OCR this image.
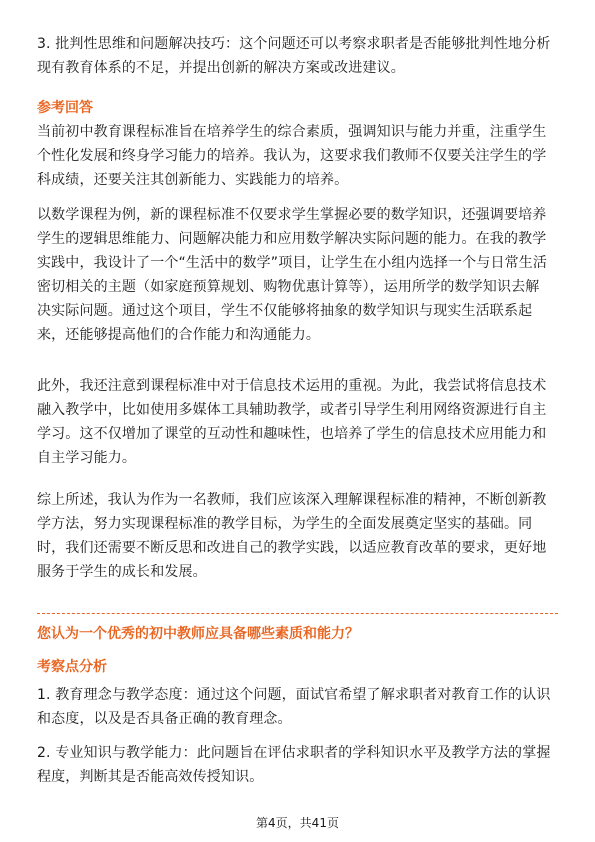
3. 批判性思维和问题解决技巧：这个问题还可以考察求职者是否能够批判性地分析

现有教育体系的不足，并提出创新的解决方案或改进建议。

参考回答

当前初中教育课程标准旨在培养学生的综合素质，强调知识与能力并重，注重学生

个性化发展和终身学习能力的培养。我认为，这要求我们教师不仅要关注学生的学

科成绩，还要关注其创新能力、实践能力的培养。

以数学课程为例，新的课程标准不仅要求学生掌握必要的数学知识，还强调要培养

学生的逻辑思维能力、问题解决能力和应用数学解决实际问题的能力。在我的教学

实践中，我设计了一个“生活中的数学”项目，让学生在小组内选择一个与日常生活

密切相关的主题（如家庭预算规划、购物优惠计算等），运用所学的数学知识去解

决实际问题。通过这个项目，学生不仅能够将抽象的数学知识与现实生活联系起

来，还能够提高他们的合作能力和沟通能力。

此外，我还注意到课程标准中对于信息技术运用的重视。为此，我尝试将信息技术

融入教学中，比如使用多媒体工具辅助教学，或者引导学生利用网络资源进行自主

学习。这不仅增加了课堂的互动性和趣味性，也培养了学生的信息技术应用能力和

自主学习能力。

综上所述，我认为作为一名教师，我们应该深入理解课程标准的精神，不断创新教

学方法，努力实现课程标准的教学目标，为学生的全面发展奠定坚实的基础。同

时，我们还需要不断反思和改进自己的教学实践，以适应教育改革的要求，更好地

服务于学生的成长和发展。

您认为一个优秀的初中教师应具备哪些素质和能力？

考察点分析

1. 教育理念与教学态度：通过这个问题，面试官希望了解求职者对教育工作的认识

和态度，以及是否具备正确的教育理念。

2. 专业知识与教学能力：此问题旨在评估求职者的学科知识水平及教学方法的掌握

程度，判断其是否能高效传授知识。

第4页，共41页
